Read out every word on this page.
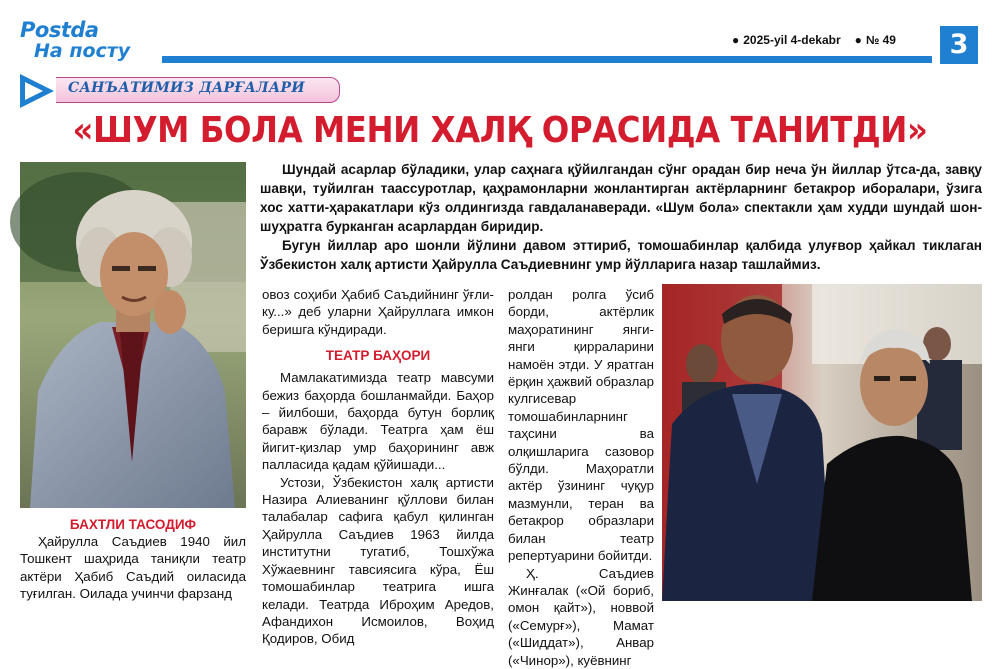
Postda
На посту	● 2025-yil 4-dekabr ● № 49	3
САНЪАТИМИЗ ДАРҒАЛАРИ
«ШУМ БОЛА МЕНИ ХАЛҚ ОРАСИДА ТАНИТДИ»

Шундай асарлар бўладики, улар саҳнага қўйилгандан сўнг орадан бир неча ўн йиллар ўтса-да, завқу шавқи, туйилган таассуротлар, қаҳрамонларни жонлантирган актёрларнинг бетакрор иборалари, ўзига хос хатти-ҳаракатлари кўз олдингизда гавдаланаверади. «Шум бола» спектакли ҳам худди шундай шон-шуҳратга бурканган асарлардан биридир.

Бугун йиллар аро шонли йўлини давом эттириб, томошабинлар қалбида улуғвор ҳайкал тиклаган Ўзбекистон халқ артисти Ҳайрулла Саъдиевнинг умр йўлларига назар ташлаймиз.

БАХТЛИ ТАСОДИФ

Ҳайрулла Саъдиев 1940 йил Тошкент шаҳрида таниқли театр актёри Ҳабиб Саъдий оиласида туғилган. Оилада учинчи фарзанд

овоз соҳиби Ҳабиб Саъдийнинг ўғли-ку...» деб уларни Ҳайруллага имкон беришга кўндиради.

ТЕАТР БАҲОРИ

Мамлакатимизда театр мавсуми бежиз баҳорда бошланмайди. Баҳор – йилбоши, баҳорда бутун борлиқ баравж бўлади. Театрга ҳам ёш йигит-қизлар умр баҳорининг авж палласида қадам қўйишади...

Устози, Ўзбекистон халқ артисти Назира Алиеванинг қўллови билан талабалар сафига қабул қилинган Ҳайрулла Саъдиев 1963 йилда институтни тугатиб, Тошхўжа Хўжаевнинг тавсиясига кўра, Ёш томошабинлар театрига ишга келади. Театрда Иброҳим Аредов, Афандихон Исмоилов, Воҳид Қодиров, Обид

ролдан ролга ўсиб борди, актёрлик маҳоратининг янги-янги қирраларини намоён этди. У яратган ёрқин ҳажвий образлар кулгисевар томошабинларнинг таҳсини ва олқишларига сазовор бўлди. Маҳоратли актёр ўзининг чуқур мазмунли, теран ва бетакрор образлари билан театр репертуарини бойитди.

Ҳ. Саъдиев Жинғалак («Ой бориб, омон қайт»), новвой («Семурғ»), Мамат («Шиддат»), Анвар («Чинор»), куёвнинг
